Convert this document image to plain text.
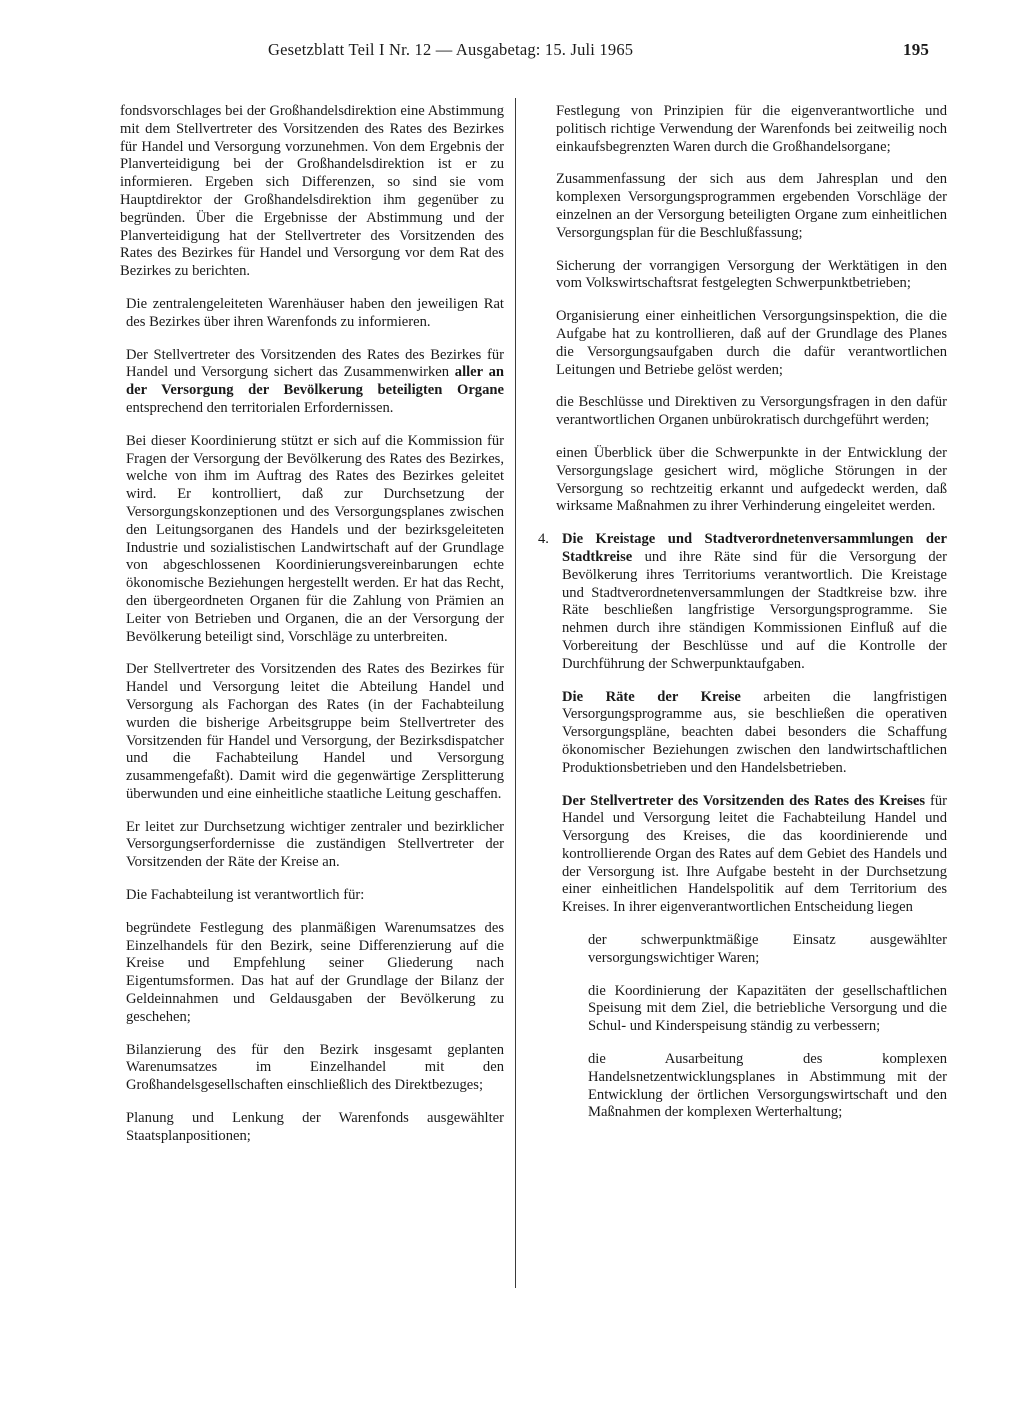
Gesetzblatt Teil I Nr. 12 — Ausgabetag: 15. Juli 1965	195

fondsvorschlages bei der Großhandelsdirektion eine Abstimmung mit dem Stellvertreter des Vorsitzenden des Rates des Bezirkes für Handel und Versorgung vorzunehmen. Von dem Ergebnis der Planverteidigung bei der Großhandelsdirektion ist er zu informieren. Ergeben sich Differenzen, so sind sie vom Hauptdirektor der Großhandelsdirektion ihm gegenüber zu begründen. Über die Ergebnisse der Abstimmung und der Planverteidigung hat der Stellvertreter des Vorsitzenden des Rates des Bezirkes für Handel und Versorgung vor dem Rat des Bezirkes zu berichten.

Die zentralengeleiteten Warenhäuser haben den jeweiligen Rat des Bezirkes über ihren Warenfonds zu informieren.

Der Stellvertreter des Vorsitzenden des Rates des Bezirkes für Handel und Versorgung sichert das Zusammenwirken aller an der Versorgung der Bevölkerung beteiligten Organe entsprechend den territorialen Erfordernissen.

Bei dieser Koordinierung stützt er sich auf die Kommission für Fragen der Versorgung der Bevölkerung des Rates des Bezirkes, welche von ihm im Auftrag des Rates des Bezirkes geleitet wird. Er kontrolliert, daß zur Durchsetzung der Versorgungskonzeptionen und des Versorgungsplanes zwischen den Leitungsorganen des Handels und der bezirksgeleiteten Industrie und sozialistischen Landwirtschaft auf der Grundlage von abgeschlossenen Koordinierungsvereinbarungen echte ökonomische Beziehungen hergestellt werden. Er hat das Recht, den übergeordneten Organen für die Zahlung von Prämien an Leiter von Betrieben und Organen, die an der Versorgung der Bevölkerung beteiligt sind, Vorschläge zu unterbreiten.

Der Stellvertreter des Vorsitzenden des Rates des Bezirkes für Handel und Versorgung leitet die Abteilung Handel und Versorgung als Fachorgan des Rates (in der Fachabteilung wurden die bisherige Arbeitsgruppe beim Stellvertreter des Vorsitzenden für Handel und Versorgung, der Bezirksdispatcher und die Fachabteilung Handel und Versorgung zusammengefaßt). Damit wird die gegenwärtige Zersplitterung überwunden und eine einheitliche staatliche Leitung geschaffen.

Er leitet zur Durchsetzung wichtiger zentraler und bezirklicher Versorgungserfordernisse die zuständigen Stellvertreter der Vorsitzenden der Räte der Kreise an.

Die Fachabteilung ist verantwortlich für:

begründete Festlegung des planmäßigen Warenumsatzes des Einzelhandels für den Bezirk, seine Differenzierung auf die Kreise und Empfehlung seiner Gliederung nach Eigentumsformen. Das hat auf der Grundlage der Bilanz der Geldeinnahmen und Geldausgaben der Bevölkerung zu geschehen;

Bilanzierung des für den Bezirk insgesamt geplanten Warenumsatzes im Einzelhandel mit den Großhandelsgesellschaften einschließlich des Direktbezuges;

Planung und Lenkung der Warenfonds ausgewählter Staatsplanpositionen;

Festlegung von Prinzipien für die eigenverantwortliche und politisch richtige Verwendung der Warenfonds bei zeitweilig noch einkaufsbegrenzten Waren durch die Großhandelsorgane;

Zusammenfassung der sich aus dem Jahresplan und den komplexen Versorgungsprogrammen ergebenden Vorschläge der einzelnen an der Versorgung beteiligten Organe zum einheitlichen Versorgungsplan für die Beschlußfassung;

Sicherung der vorrangigen Versorgung der Werktätigen in den vom Volkswirtschaftsrat festgelegten Schwerpunktbetrieben;

Organisierung einer einheitlichen Versorgungsinspektion, die die Aufgabe hat zu kontrollieren, daß auf der Grundlage des Planes die Versorgungsaufgaben durch die dafür verantwortlichen Leitungen und Betriebe gelöst werden;

die Beschlüsse und Direktiven zu Versorgungsfragen in den dafür verantwortlichen Organen unbürokratisch durchgeführt werden;

einen Überblick über die Schwerpunkte in der Entwicklung der Versorgungslage gesichert wird, mögliche Störungen in der Versorgung so rechtzeitig erkannt und aufgedeckt werden, daß wirksame Maßnahmen zu ihrer Verhinderung eingeleitet werden.

4. Die Kreistage und Stadtverordnetenversammlungen der Stadtkreise und ihre Räte sind für die Versorgung der Bevölkerung ihres Territoriums verantwortlich. Die Kreistage und Stadtverordnetenversammlungen der Stadtkreise bzw. ihre Räte beschließen langfristige Versorgungsprogramme. Sie nehmen durch ihre ständigen Kommissionen Einfluß auf die Vorbereitung der Beschlüsse und auf die Kontrolle der Durchführung der Schwerpunktaufgaben.

Die Räte der Kreise arbeiten die langfristigen Versorgungsprogramme aus, sie beschließen die operativen Versorgungspläne, beachten dabei besonders die Schaffung ökonomischer Beziehungen zwischen den landwirtschaftlichen Produktionsbetrieben und den Handelsbetrieben.

Der Stellvertreter des Vorsitzenden des Rates des Kreises für Handel und Versorgung leitet die Fachabteilung Handel und Versorgung des Kreises, die das koordinierende und kontrollierende Organ des Rates auf dem Gebiet des Handels und der Versorgung ist. Ihre Aufgabe besteht in der Durchsetzung einer einheitlichen Handelspolitik auf dem Territorium des Kreises. In ihrer eigenverantwortlichen Entscheidung liegen

der schwerpunktmäßige Einsatz ausgewählter versorgungswichtiger Waren;

die Koordinierung der Kapazitäten der gesellschaftlichen Speisung mit dem Ziel, die betriebliche Versorgung und die Schul- und Kinderspeisung ständig zu verbessern;

die Ausarbeitung des komplexen Handelsnetzentwicklungsplanes in Abstimmung mit der Entwicklung der örtlichen Versorgungswirtschaft und den Maßnahmen der komplexen Werterhaltung;
